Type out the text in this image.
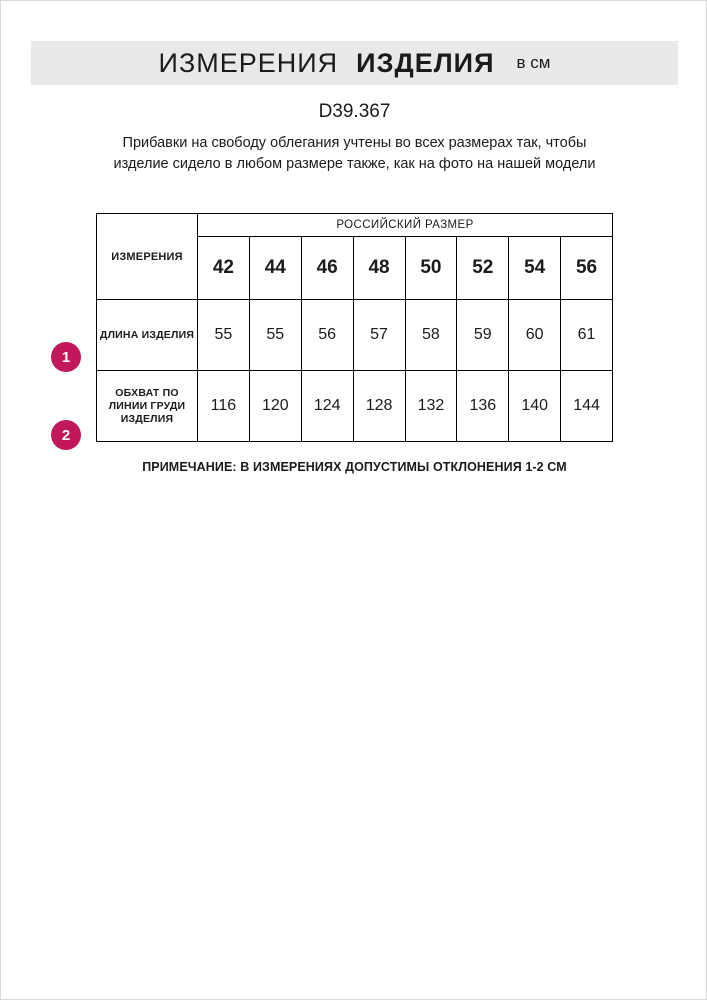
ИЗМЕРЕНИЯ ИЗДЕЛИЯ в см
D39.367
Прибавки на свободу облегания учтены во всех размерах так, чтобы изделие сидело в любом размере также, как на фото на нашей модели
1
2
ИЗМЕРЕНИЯ	РОССИЙСКИЙ РАЗМЕР							
	42	44	46	48	50	52	54	56
ДЛИНА ИЗДЕЛИЯ	55	55	56	57	58	59	60	61
ОБХВАТ ПО ЛИНИИ ГРУДИ ИЗДЕЛИЯ	116	120	124	128	132	136	140	144
ПРИМЕЧАНИЕ: В ИЗМЕРЕНИЯХ ДОПУСТИМЫ ОТКЛОНЕНИЯ 1-2 СМ
